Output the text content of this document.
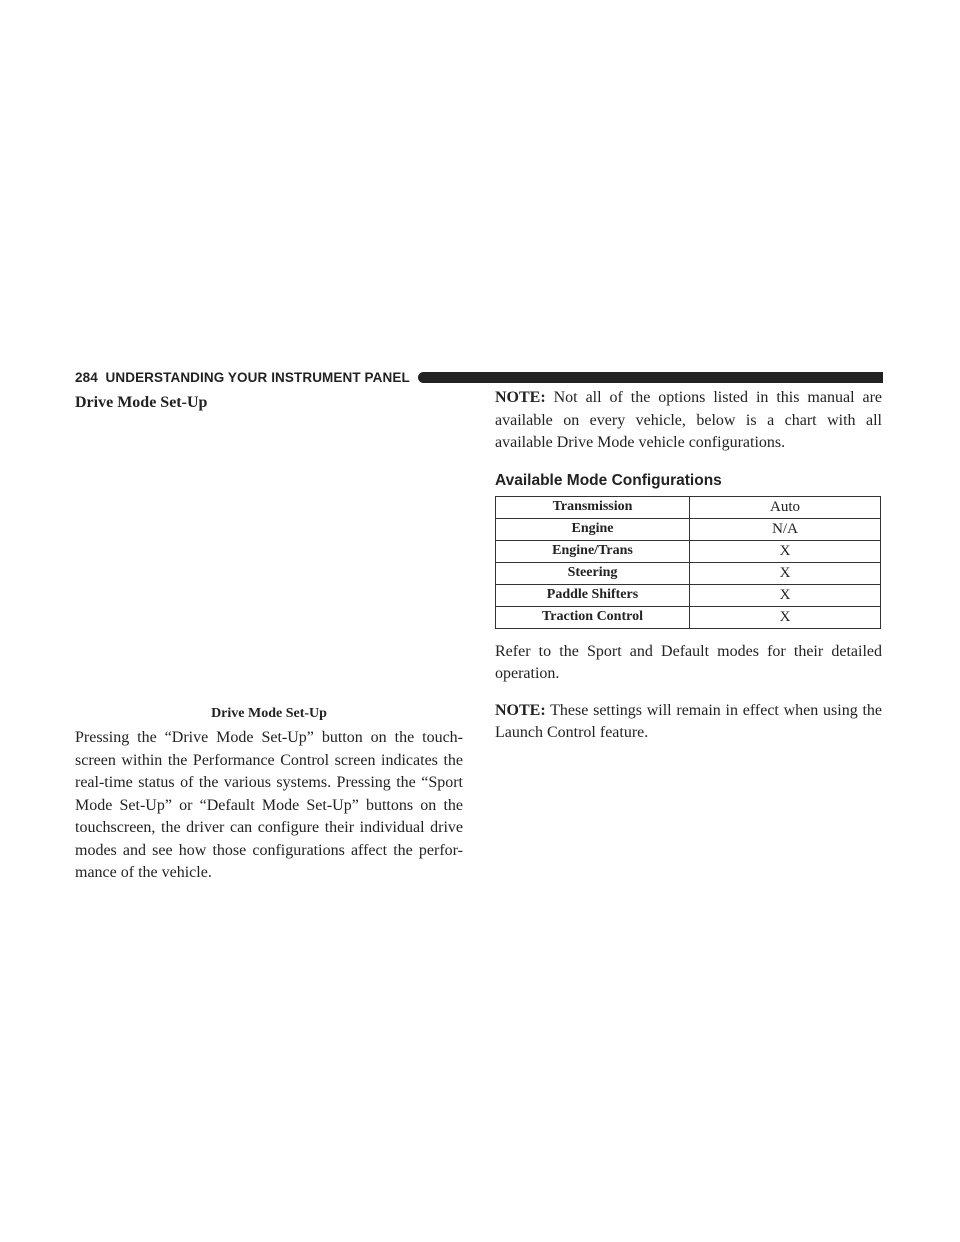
284 UNDERSTANDING YOUR INSTRUMENT PANEL

Drive Mode Set-Up

Drive Mode Set-Up

Pressing the “Drive Mode Set-Up” button on the touch-screen within the Performance Control screen indicates the real-time status of the various systems. Pressing the “Sport Mode Set-Up” or “Default Mode Set-Up” buttons on the touchscreen, the driver can configure their individual drive modes and see how those configurations affect the perfor-mance of the vehicle.

NOTE: Not all of the options listed in this manual are available on every vehicle, below is a chart with all available Drive Mode vehicle configurations.

Available Mode Configurations
Transmission	Auto
Engine	N/A
Engine/Trans	X
Steering	X
Paddle Shifters	X
Traction Control	X

Refer to the Sport and Default modes for their detailed operation.

NOTE: These settings will remain in effect when using the Launch Control feature.
